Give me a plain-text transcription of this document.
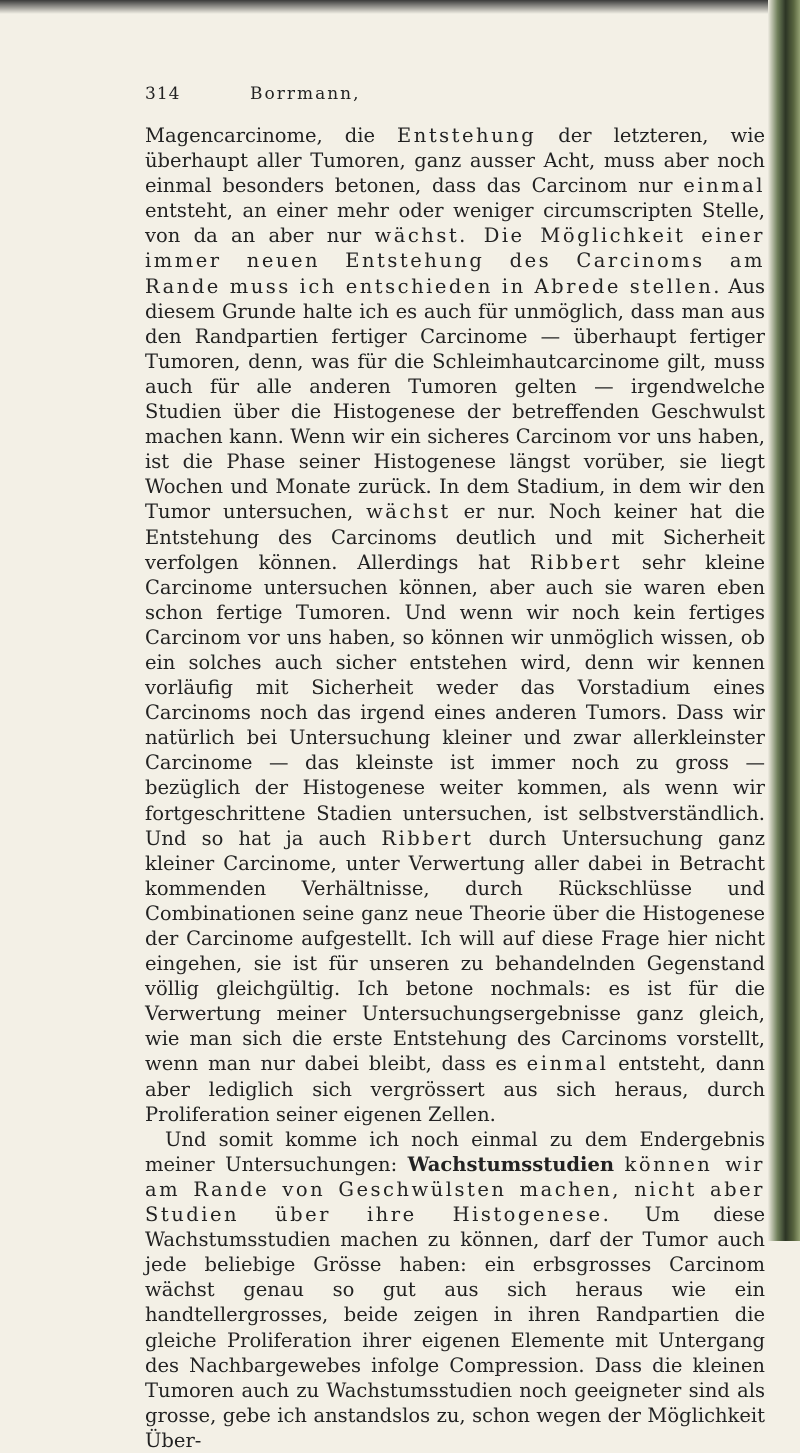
314	Borrmann,

Magencarcinome, die Entstehung der letzteren, wie überhaupt aller Tumoren, ganz ausser Acht, muss aber noch einmal besonders betonen, dass das Carcinom nur einmal entsteht, an einer mehr oder weniger circumscripten Stelle, von da an aber nur wächst. Die Möglichkeit einer immer neuen Entstehung des Carcinoms am Rande muss ich entschieden in Abrede stellen. Aus diesem Grunde halte ich es auch für unmöglich, dass man aus den Randpartien fertiger Carcinome — überhaupt fertiger Tumoren, denn, was für die Schleimhautcarcinome gilt, muss auch für alle anderen Tumoren gelten — irgendwelche Studien über die Histogenese der betreffenden Geschwulst machen kann. Wenn wir ein sicheres Carcinom vor uns haben, ist die Phase seiner Histogenese längst vorüber, sie liegt Wochen und Monate zurück. In dem Stadium, in dem wir den Tumor untersuchen, wächst er nur. Noch keiner hat die Entstehung des Carcinoms deutlich und mit Sicherheit verfolgen können. Allerdings hat Ribbert sehr kleine Carcinome untersuchen können, aber auch sie waren eben schon fertige Tumoren. Und wenn wir noch kein fertiges Carcinom vor uns haben, so können wir unmöglich wissen, ob ein solches auch sicher entstehen wird, denn wir kennen vorläufig mit Sicherheit weder das Vorstadium eines Carcinoms noch das irgend eines anderen Tumors. Dass wir natürlich bei Untersuchung kleiner und zwar allerkleinster Carcinome — das kleinste ist immer noch zu gross — bezüglich der Histogenese weiter kommen, als wenn wir fortgeschrittene Stadien untersuchen, ist selbstverständlich. Und so hat ja auch Ribbert durch Untersuchung ganz kleiner Carcinome, unter Verwertung aller dabei in Betracht kommenden Verhältnisse, durch Rückschlüsse und Combinationen seine ganz neue Theorie über die Histogenese der Carcinome aufgestellt. Ich will auf diese Frage hier nicht eingehen, sie ist für unseren zu behandelnden Gegenstand völlig gleichgültig. Ich betone nochmals: es ist für die Verwertung meiner Untersuchungsergebnisse ganz gleich, wie man sich die erste Entstehung des Carcinoms vorstellt, wenn man nur dabei bleibt, dass es einmal entsteht, dann aber lediglich sich vergrössert aus sich heraus, durch Proliferation seiner eigenen Zellen.

Und somit komme ich noch einmal zu dem Endergebnis meiner Untersuchungen: Wachstumsstudien können wir am Rande von Geschwülsten machen, nicht aber Studien über ihre Histogenese. Um diese Wachstumsstudien machen zu können, darf der Tumor auch jede beliebige Grösse haben: ein erbsgrosses Carcinom wächst genau so gut aus sich heraus wie ein handtellergrosses, beide zeigen in ihren Randpartien die gleiche Proliferation ihrer eigenen Elemente mit Untergang des Nachbargewebes infolge Compression. Dass die kleinen Tumoren auch zu Wachstumsstudien noch geeigneter sind als grosse, gebe ich anstandslos zu, schon wegen der Möglichkeit Über-
